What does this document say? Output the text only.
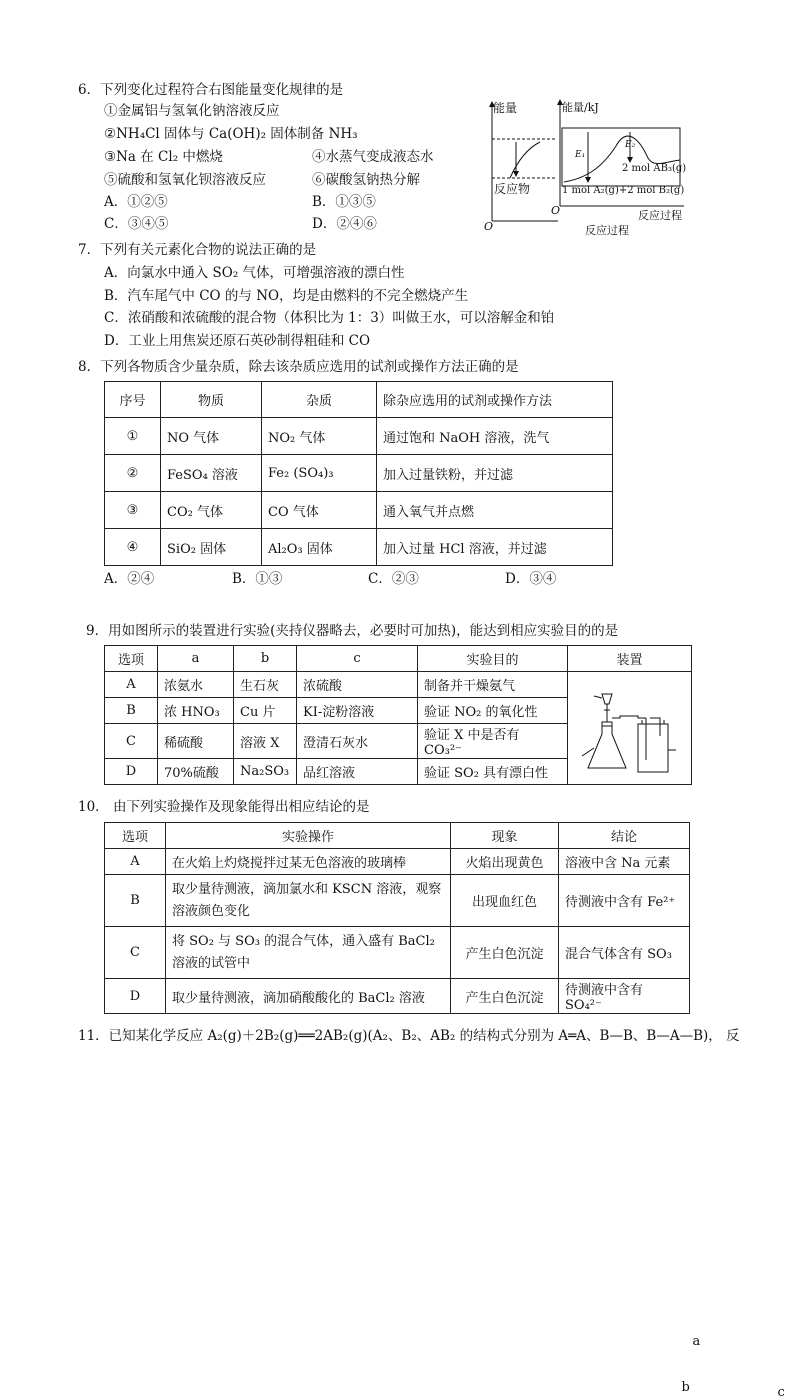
6．下列变化过程符合右图能量变化规律的是
①金属铝与氢氧化钠溶液反应
②NH₄Cl 固体与 Ca(OH)₂ 固体制备 NH₃
③Na 在 Cl₂ 中燃烧	④水蒸气变成液态水
⑤硫酸和氢氧化钡溶液反应	⑥碳酸氢钠热分解
A．①②⑤	B．①③⑤
C．③④⑤	D．②④⑥
能量
反应物
O
能量/kJ
E₁
E₂
2 mol AB₃(g)
1 mol A₂(g)+2 mol B₂(g)
O	反应过程
反应过程
7．下列有关元素化合物的说法正确的是
A．向氯水中通入 SO₂ 气体，可增强溶液的漂白性
B．汽车尾气中 CO 的与 NO，均是由燃料的不完全燃烧产生
C．浓硝酸和浓硫酸的混合物（体积比为 1：3）叫做王水，可以溶解金和铂
D．工业上用焦炭还原石英砂制得粗硅和 CO
8．下列各物质含少量杂质，除去该杂质应选用的试剂或操作方法正确的是
序号	物质	杂质	除杂应选用的试剂或操作方法
①	NO 气体	NO₂ 气体	通过饱和 NaOH 溶液，洗气
②	FeSO₄ 溶液	Fe₂ (SO₄)₃	加入过量铁粉，并过滤
③	CO₂ 气体	CO 气体	通入氧气并点燃
④	SiO₂ 固体	Al₂O₃ 固体	加入过量 HCl 溶液，并过滤
A．②④	B．①③	C．②③	D．③④
9．用如图所示的装置进行实验(夹持仪器略去，必要时可加热)，能达到相应实验目的的是
选项	a	b	c	实验目的	装置
A	浓氨水	生石灰	浓硫酸	制备并干燥氨气	a
b c

B	浓 HNO₃	Cu 片	KI-淀粉溶液	验证 NO₂ 的氧化性	
C	稀硫酸	溶液 X	澄清石灰水	验证 X 中是否有 CO₃²⁻	
D	70%硫酸	Na₂SO₃	品红溶液	验证 SO₂ 具有漂白性	
10． 由下列实验操作及现象能得出相应结论的是
选项	实验操作	现象	结论
A	在火焰上灼烧搅拌过某无色溶液的玻璃棒	火焰出现黄色	溶液中含 Na 元素
B	取少量待测液，滴加氯水和 KSCN 溶液，观察溶液颜色变化	出现血红色	待测液中含有 Fe²⁺
C	将 SO₂ 与 SO₃ 的混合气体，通入盛有 BaCl₂ 溶液的试管中	产生白色沉淀	混合气体含有 SO₃
D	取少量待测液，滴加硝酸酸化的 BaCl₂ 溶液	产生白色沉淀	待测液中含有 SO₄²⁻
11．已知某化学反应 A₂(g)＋2B₂(g)══2AB₂(g)(A₂、B₂、AB₂ 的结构式分别为 A═A、B—B、B—A—B)， 反
